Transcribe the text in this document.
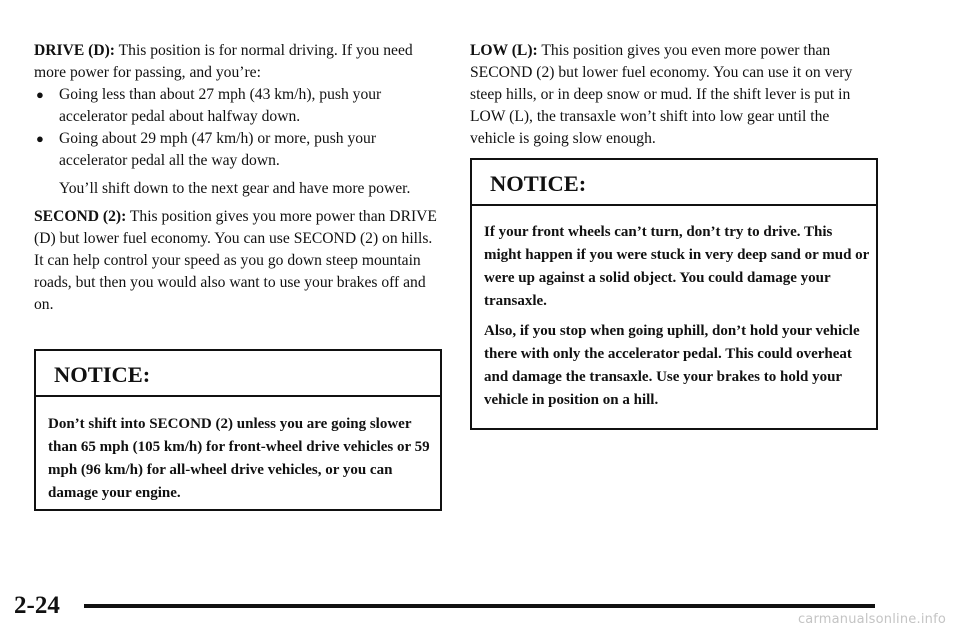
DRIVE (D): This position is for normal driving. If you need more power for passing, and you’re:

● Going less than about 27 mph (43 km/h), push your accelerator pedal about halfway down.

● Going about 29 mph (47 km/h) or more, push your accelerator pedal all the way down.

You’ll shift down to the next gear and have more power.

SECOND (2): This position gives you more power than DRIVE (D) but lower fuel economy. You can use SECOND (2) on hills. It can help control your speed as you go down steep mountain roads, but then you would also want to use your brakes off and on.

NOTICE:

Don’t shift into SECOND (2) unless you are going slower than 65 mph (105 km/h) for front‑wheel drive vehicles or 59 mph (96 km/h) for all‑wheel drive vehicles, or you can damage your engine.

LOW (L): This position gives you even more power than SECOND (2) but lower fuel economy. You can use it on very steep hills, or in deep snow or mud. If the shift lever is put in LOW (L), the transaxle won’t shift into low gear until the vehicle is going slow enough.

NOTICE:

If your front wheels can’t turn, don’t try to drive. This might happen if you were stuck in very deep sand or mud or were up against a solid object. You could damage your transaxle.

Also, if you stop when going uphill, don’t hold your vehicle there with only the accelerator pedal. This could overheat and damage the transaxle. Use your brakes to hold your vehicle in position on a hill.

2-24
carmanualsonline.info
